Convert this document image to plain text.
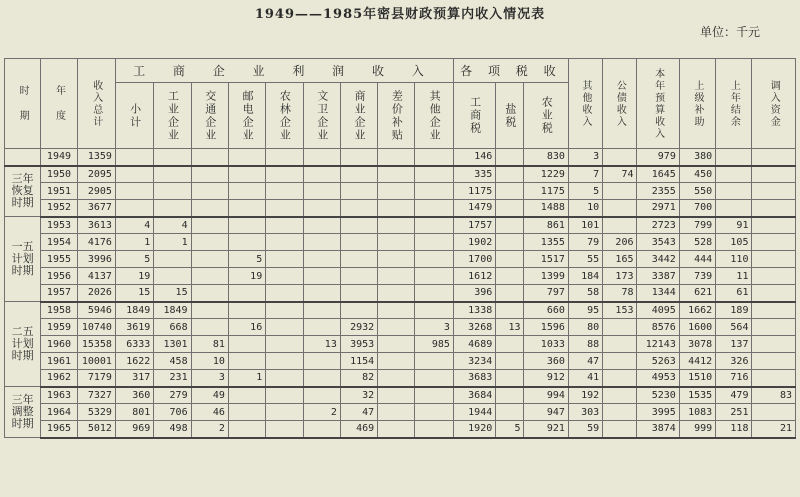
1949——1985年密县财政预算内收入情况表
单位：千元
时 期	年 度	收入总计	工 商 企 业 利 润 收 入									各 项 税 收			其他收入	公债收入	本年预算收入	上级补助	上年结余	调入资金

			小计	工业企业	交通企业	邮电企业	农林企业	文卫企业	商业企业	差价补贴	其他企业	工商税	盐税	农业税						

	1949	1359										146		830	3		979	380		

三年
恢复
时期	1950	2095										335		1229	7	74	1645	450		
	1951	2905										1175		1175	5		2355	550		
	1952	3677										1479		1488	10		2971	700		

一五
计划
时期	1953	3613	4	4								1757		861	101		2723	799	91	
	1954	4176	1	1								1902		1355	79	206	3543	528	105	
	1955	3996	5			5						1700		1517	55	165	3442	444	110	
	1956	4137	19			19						1612		1399	184	173	3387	739	11	
	1957	2026	15	15								396		797	58	78	1344	621	61	

二五
计划
时期	1958	5946	1849	1849								1338		660	95	153	4095	1662	189	
	1959	10740	3619	668		16			2932		3	3268	13	1596	80		8576	1600	564	
	1960	15358	6333	1301	81			13	3953		985	4689		1033	88		12143	3078	137	
	1961	10001	1622	458	10				1154			3234		360	47		5263	4412	326	
	1962	7179	317	231	3	1			82			3683		912	41		4953	1510	716	

三年
调整
时期	1963	7327	360	279	49				32			3684		994	192		5230	1535	479	83
	1964	5329	801	706	46			2	47			1944		947	303		3995	1083	251	
	1965	5012	969	498	2				469			1920	5	921	59		3874	999	118	21
